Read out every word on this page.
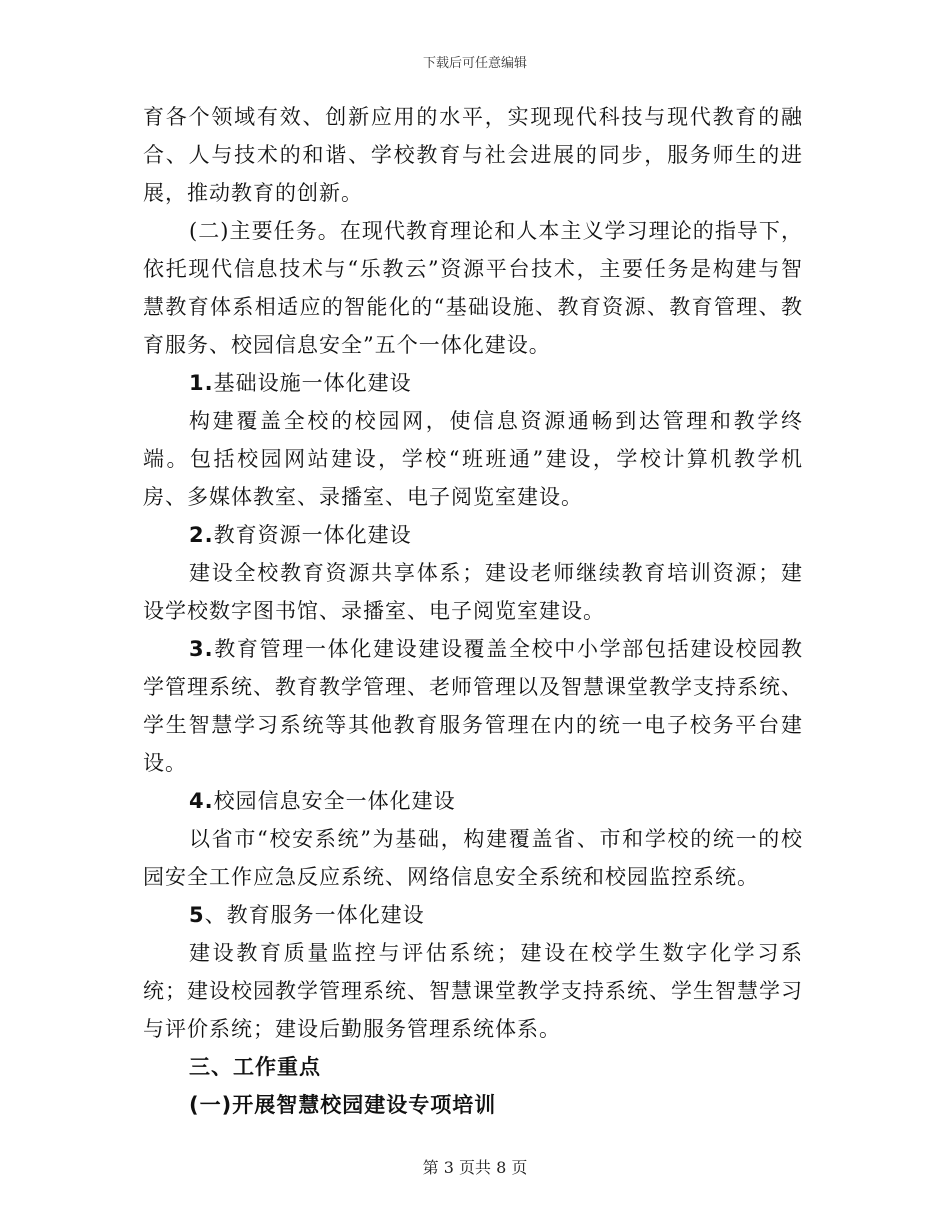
下载后可任意编辑

育各个领域有效、创新应用的水平，实现现代科技与现代教育的融合、人与技术的和谐、学校教育与社会进展的同步，服务师生的进展，推动教育的创新。

(二)主要任务。在现代教育理论和人本主义学习理论的指导下，依托现代信息技术与“乐教云”资源平台技术，主要任务是构建与智慧教育体系相适应的智能化的“基础设施、教育资源、教育管理、教育服务、校园信息安全”五个一体化建设。

1.基础设施一体化建设

构建覆盖全校的校园网，使信息资源通畅到达管理和教学终端。包括校园网站建设，学校“班班通”建设，学校计算机教学机房、多媒体教室、录播室、电子阅览室建设。

2.教育资源一体化建设

建设全校教育资源共享体系；建设老师继续教育培训资源；建设学校数字图书馆、录播室、电子阅览室建设。

3.教育管理一体化建设建设覆盖全校中小学部包括建设校园教学管理系统、教育教学管理、老师管理以及智慧课堂教学支持系统、学生智慧学习系统等其他教育服务管理在内的统一电子校务平台建设。

4.校园信息安全一体化建设

以省市“校安系统”为基础，构建覆盖省、市和学校的统一的校园安全工作应急反应系统、网络信息安全系统和校园监控系统。

5、教育服务一体化建设

建设教育质量监控与评估系统；建设在校学生数字化学习系统；建设校园教学管理系统、智慧课堂教学支持系统、学生智慧学习与评价系统；建设后勤服务管理系统体系。

三、工作重点

(一)开展智慧校园建设专项培训

第 3 页共 8 页
